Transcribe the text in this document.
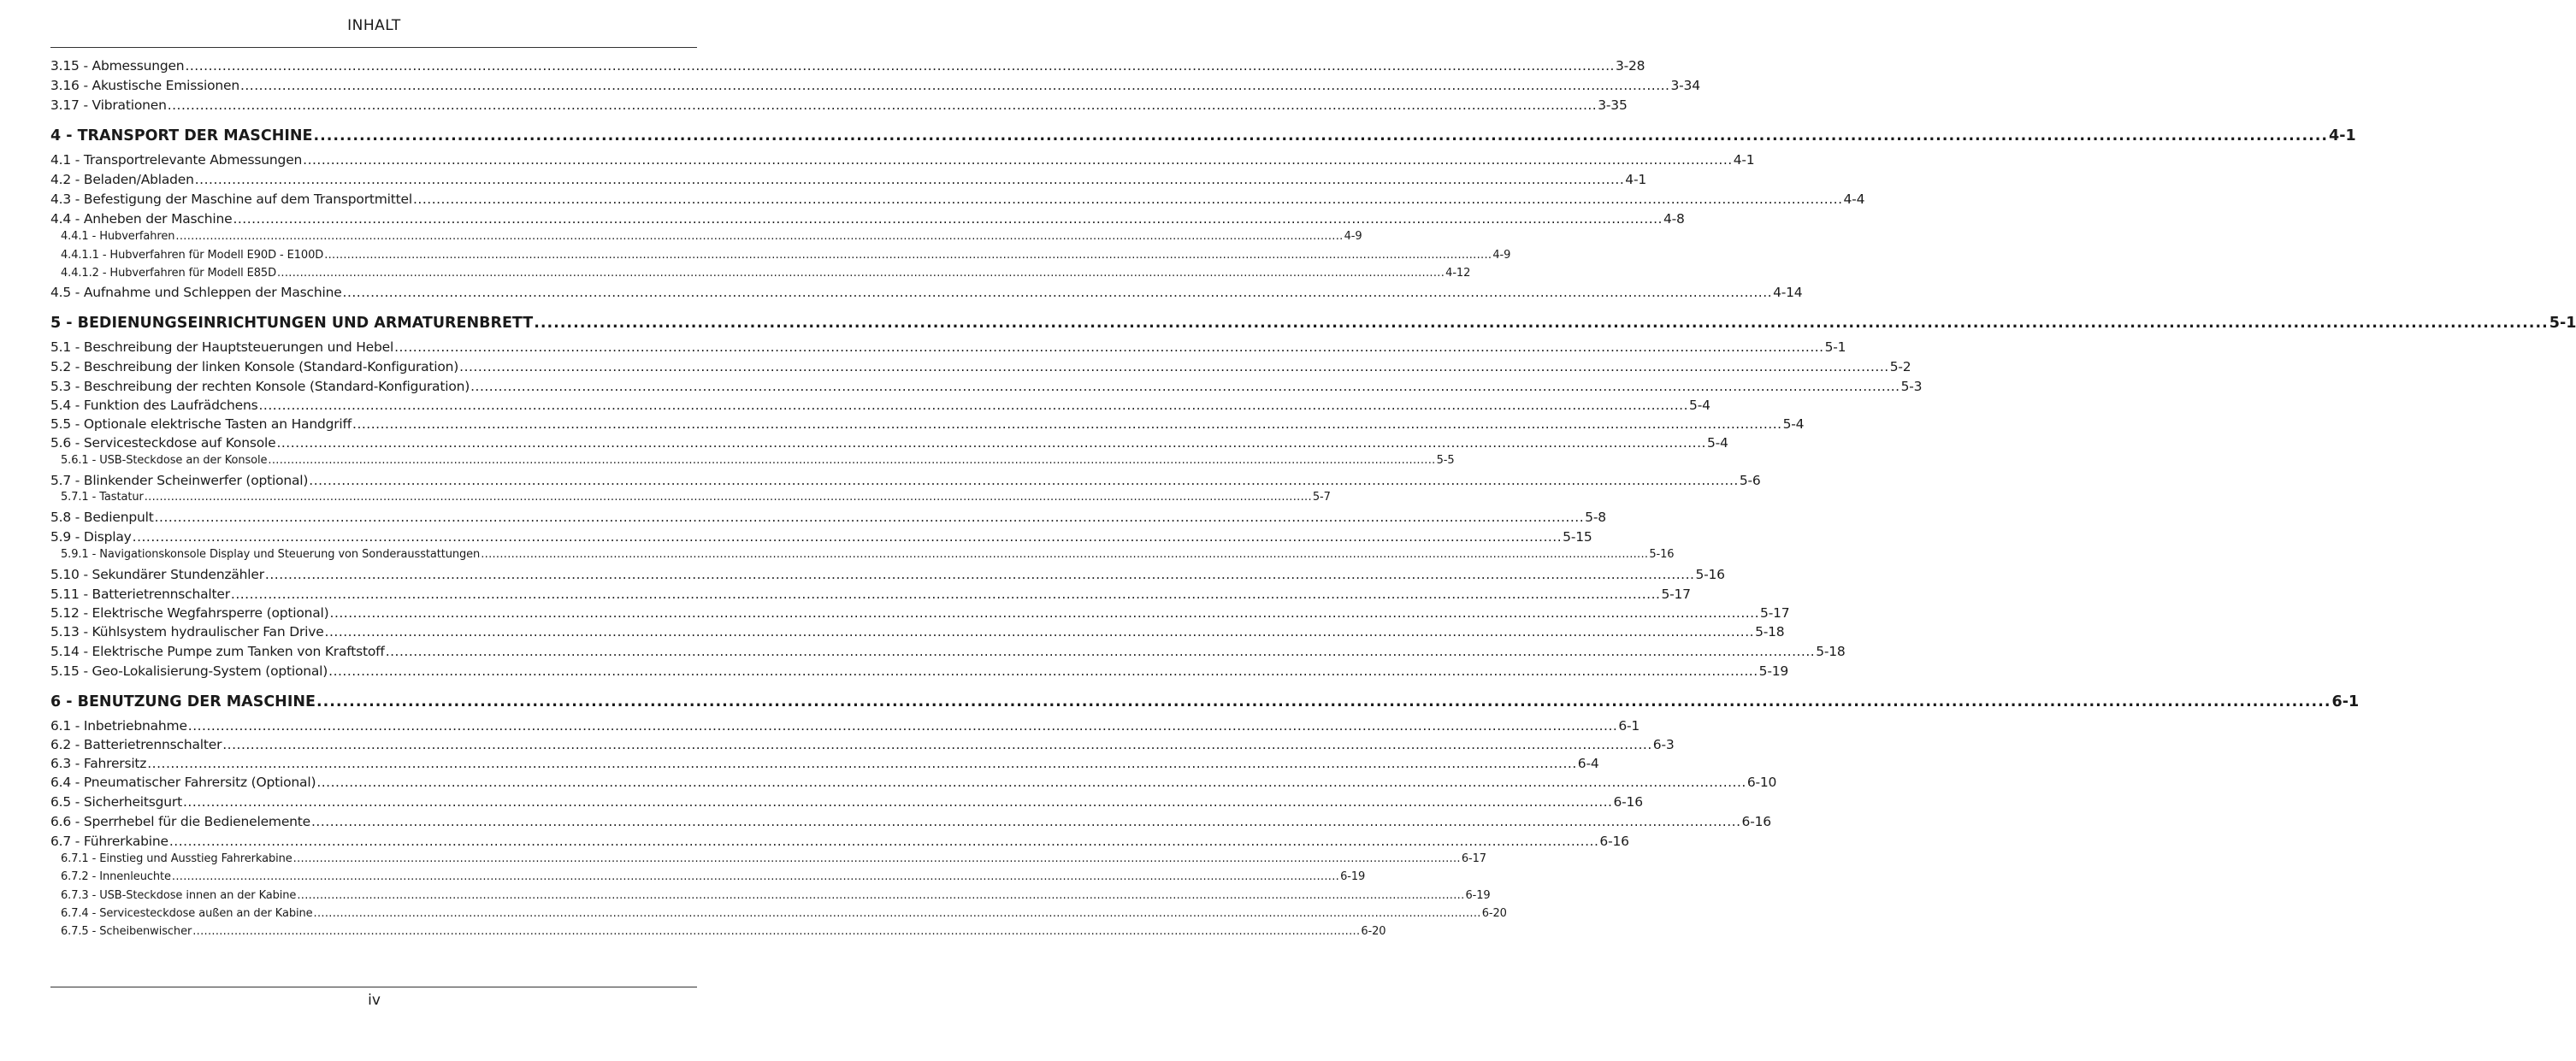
INHALT
3.15 - Abmessungen .................................................................................................................................................................................................................................................................................................................... 3-28
3.16 - Akustische Emissionen .................................................................................................................................................................................................................................................................................................................... 3-34
3.17 - Vibrationen .................................................................................................................................................................................................................................................................................................................... 3-35
4 - TRANSPORT DER MASCHINE .................................................................................................................................................................................................................................................................................................................... 4-1
4.1 - Transportrelevante Abmessungen .................................................................................................................................................................................................................................................................................................................... 4-1
4.2 - Beladen/Abladen .................................................................................................................................................................................................................................................................................................................... 4-1
4.3 - Befestigung der Maschine auf dem Transportmittel .................................................................................................................................................................................................................................................................................................................... 4-4
4.4 - Anheben der Maschine .................................................................................................................................................................................................................................................................................................................... 4-8
4.4.1 - Hubverfahren .................................................................................................................................................................................................................................................................................................................... 4-9
4.4.1.1 - Hubverfahren für Modell E90D - E100D .................................................................................................................................................................................................................................................................................................................... 4-9
4.4.1.2 - Hubverfahren für Modell E85D .................................................................................................................................................................................................................................................................................................................... 4-12
4.5 - Aufnahme und Schleppen der Maschine .................................................................................................................................................................................................................................................................................................................... 4-14
5 - BEDIENUNGSEINRICHTUNGEN UND ARMATURENBRETT .................................................................................................................................................................................................................................................................................................................... 5-1
5.1 - Beschreibung der Hauptsteuerungen und Hebel .................................................................................................................................................................................................................................................................................................................... 5-1
5.2 - Beschreibung der linken Konsole (Standard-Konfiguration) .................................................................................................................................................................................................................................................................................................................... 5-2
5.3 - Beschreibung der rechten Konsole (Standard-Konfiguration) .................................................................................................................................................................................................................................................................................................................... 5-3
5.4 - Funktion des Laufrädchens .................................................................................................................................................................................................................................................................................................................... 5-4
5.5 - Optionale elektrische Tasten an Handgriff .................................................................................................................................................................................................................................................................................................................... 5-4
5.6 - Servicesteckdose auf Konsole .................................................................................................................................................................................................................................................................................................................... 5-4
5.6.1 - USB-Steckdose an der Konsole .................................................................................................................................................................................................................................................................................................................... 5-5
5.7 - Blinkender Scheinwerfer (optional) .................................................................................................................................................................................................................................................................................................................... 5-6
5.7.1 - Tastatur .................................................................................................................................................................................................................................................................................................................... 5-7
5.8 - Bedienpult .................................................................................................................................................................................................................................................................................................................... 5-8
5.9 - Display .................................................................................................................................................................................................................................................................................................................... 5-15
5.9.1 - Navigationskonsole Display und Steuerung von Sonderausstattungen .................................................................................................................................................................................................................................................................................................................... 5-16
5.10 - Sekundärer Stundenzähler .................................................................................................................................................................................................................................................................................................................... 5-16
5.11 - Batterietrennschalter .................................................................................................................................................................................................................................................................................................................... 5-17
5.12 - Elektrische Wegfahrsperre (optional) .................................................................................................................................................................................................................................................................................................................... 5-17
5.13 - Kühlsystem hydraulischer Fan Drive .................................................................................................................................................................................................................................................................................................................... 5-18
5.14 - Elektrische Pumpe zum Tanken von Kraftstoff .................................................................................................................................................................................................................................................................................................................... 5-18
5.15 - Geo-Lokalisierung-System (optional) .................................................................................................................................................................................................................................................................................................................... 5-19
6 - BENUTZUNG DER MASCHINE .................................................................................................................................................................................................................................................................................................................... 6-1
6.1 - Inbetriebnahme .................................................................................................................................................................................................................................................................................................................... 6-1
6.2 - Batterietrennschalter .................................................................................................................................................................................................................................................................................................................... 6-3
6.3 - Fahrersitz .................................................................................................................................................................................................................................................................................................................... 6-4
6.4 - Pneumatischer Fahrersitz (Optional) .................................................................................................................................................................................................................................................................................................................... 6-10
6.5 - Sicherheitsgurt .................................................................................................................................................................................................................................................................................................................... 6-16
6.6 - Sperrhebel für die Bedienelemente .................................................................................................................................................................................................................................................................................................................... 6-16
6.7 - Führerkabine .................................................................................................................................................................................................................................................................................................................... 6-16
6.7.1 - Einstieg und Ausstieg Fahrerkabine .................................................................................................................................................................................................................................................................................................................... 6-17
6.7.2 - Innenleuchte .................................................................................................................................................................................................................................................................................................................... 6-19
6.7.3 - USB-Steckdose innen an der Kabine .................................................................................................................................................................................................................................................................................................................... 6-19
6.7.4 - Servicesteckdose außen an der Kabine .................................................................................................................................................................................................................................................................................................................... 6-20
6.7.5 - Scheibenwischer .................................................................................................................................................................................................................................................................................................................... 6-20
iv
